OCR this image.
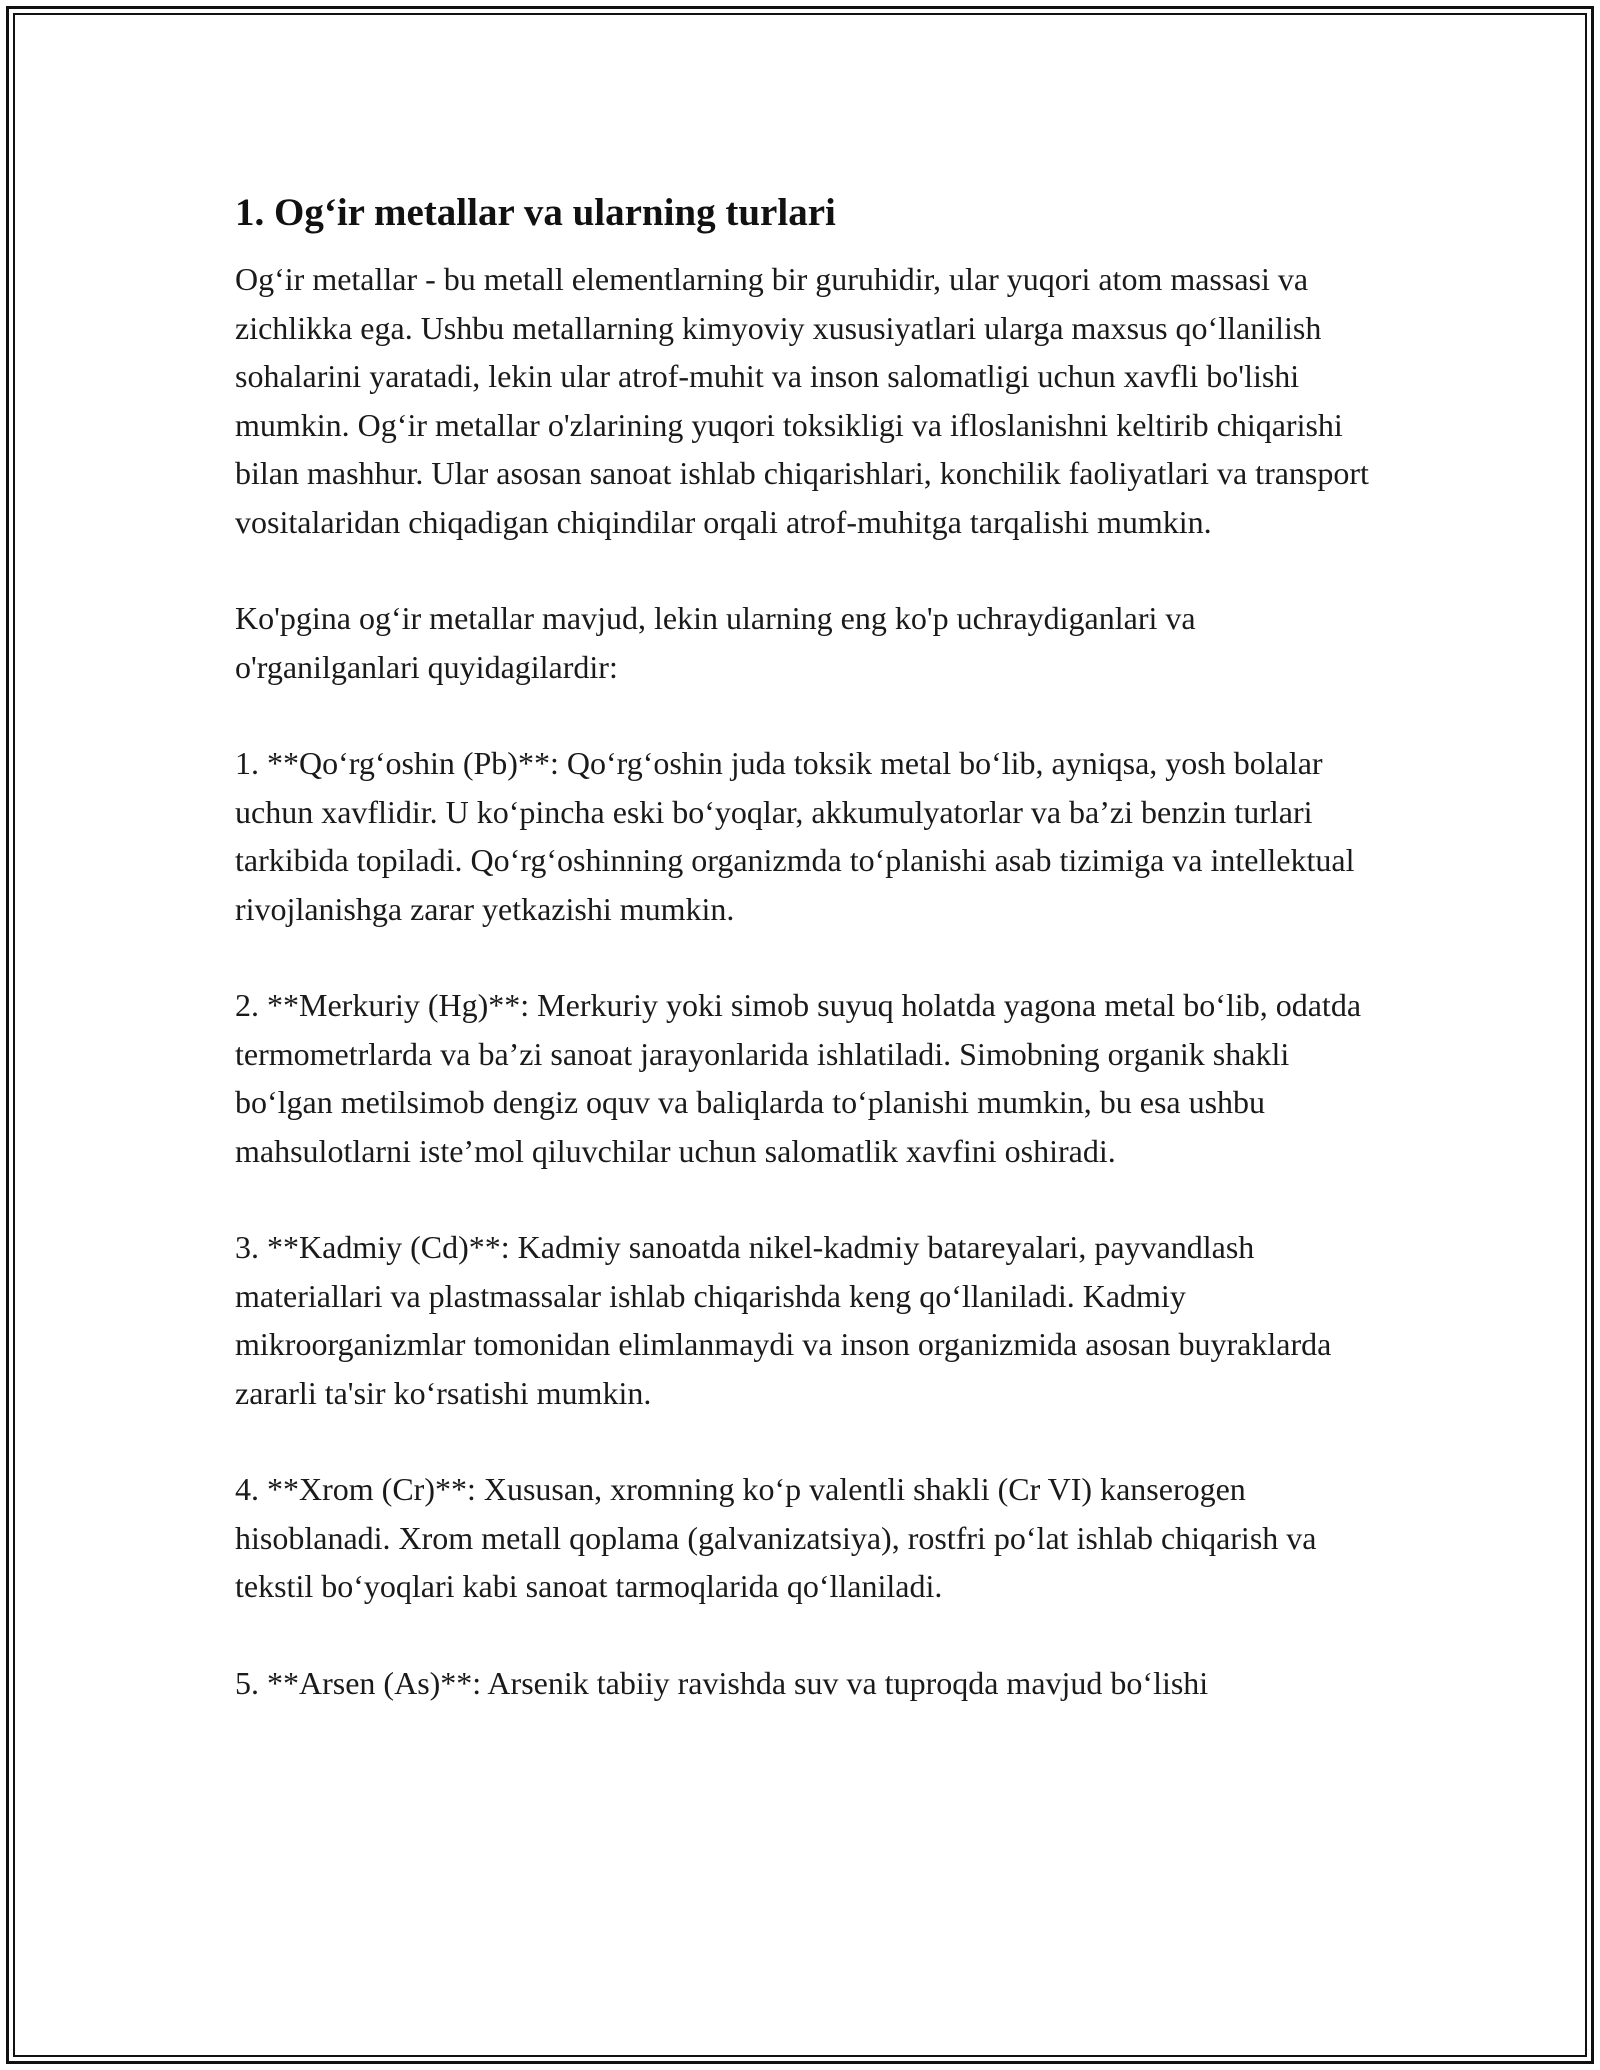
1. Og‘ir metallar va ularning turlari

Og‘ir metallar - bu metall elementlarning bir guruhidir, ular yuqori atom massasi va zichlikka ega. Ushbu metallarning kimyoviy xususiyatlari ularga maxsus qo‘llanilish sohalarini yaratadi, lekin ular atrof-muhit va inson salomatligi uchun xavfli bo'lishi mumkin. Og‘ir metallar o'zlarining yuqori toksikligi va ifloslanishni keltirib chiqarishi bilan mashhur. Ular asosan sanoat ishlab chiqarishlari, konchilik faoliyatlari va transport vositalaridan chiqadigan chiqindilar orqali atrof-muhitga tarqalishi mumkin.

Ko'pgina og‘ir metallar mavjud, lekin ularning eng ko'p uchraydiganlari va o'rganilganlari quyidagilardir:

1. **Qo‘rg‘oshin (Pb)**: Qo‘rg‘oshin juda toksik metal bo‘lib, ayniqsa, yosh bolalar uchun xavflidir. U ko‘pincha eski bo‘yoqlar, akkumulyatorlar va ba’zi benzin turlari tarkibida topiladi. Qo‘rg‘oshinning organizmda to‘planishi asab tizimiga va intellektual rivojlanishga zarar yetkazishi mumkin.

2. **Merkuriy (Hg)**: Merkuriy yoki simob suyuq holatda yagona metal bo‘lib, odatda termometrlarda va ba’zi sanoat jarayonlarida ishlatiladi. Simobning organik shakli bo‘lgan metilsimob dengiz oquv va baliqlarda to‘planishi mumkin, bu esa ushbu mahsulotlarni iste’mol qiluvchilar uchun salomatlik xavfini oshiradi.

3. **Kadmiy (Cd)**: Kadmiy sanoatda nikel-kadmiy batareyalari, payvandlash materiallari va plastmassalar ishlab chiqarishda keng qo‘llaniladi. Kadmiy mikroorganizmlar tomonidan elimlanmaydi va inson organizmida asosan buyraklarda zararli ta'sir ko‘rsatishi mumkin.

4. **Xrom (Cr)**: Xususan, xromning ko‘p valentli shakli (Cr VI) kanserogen hisoblanadi. Xrom metall qoplama (galvanizatsiya), rostfri po‘lat ishlab chiqarish va tekstil bo‘yoqlari kabi sanoat tarmoqlarida qo‘llaniladi.

5. **Arsen (As)**: Arsenik tabiiy ravishda suv va tuproqda mavjud bo‘lishi
